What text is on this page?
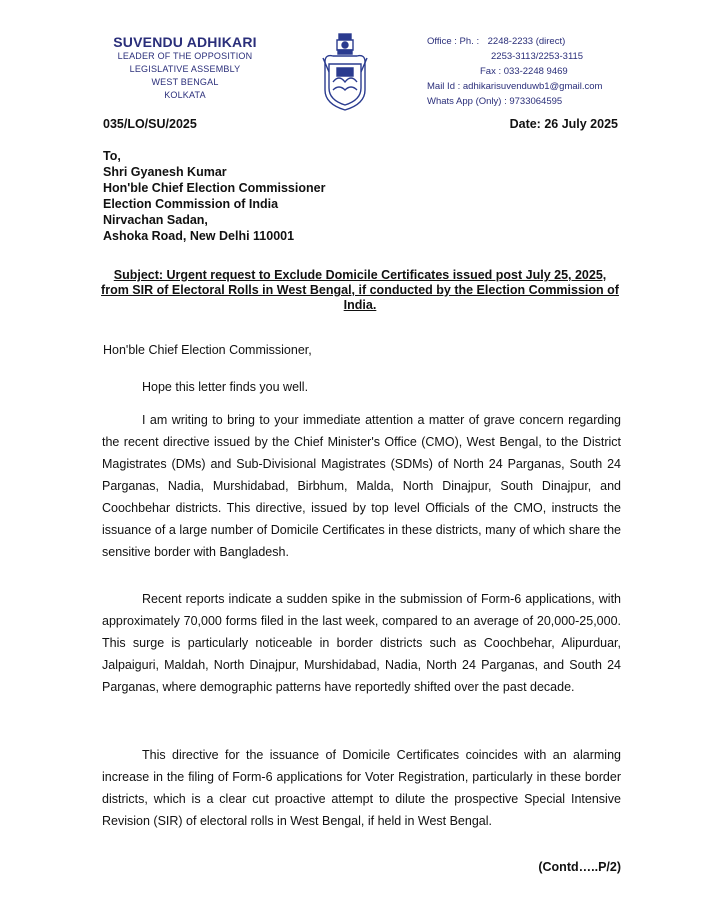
SUVENDU ADHIKARI
LEADER OF THE OPPOSITION
LEGISLATIVE ASSEMBLY
WEST BENGAL
KOLKATA
Office : Ph. : 2248-2233 (direct)
2253-3113/2253-3115
Fax : 033-2248 9469
Mail Id : adhikarisuvenduwb1@gmail.com
Whats App (Only) : 9733064595
035/LO/SU/2025	Date: 26 July 2025
To,
Shri Gyanesh Kumar
Hon'ble Chief Election Commissioner
Election Commission of India
Nirvachan Sadan,
Ashoka Road, New Delhi 110001
Subject: Urgent request to Exclude Domicile Certificates issued post July 25, 2025, from SIR of Electoral Rolls in West Bengal, if conducted by the Election Commission of India.
Hon'ble Chief Election Commissioner,
Hope this letter finds you well.
I am writing to bring to your immediate attention a matter of grave concern regarding the recent directive issued by the Chief Minister's Office (CMO), West Bengal, to the District Magistrates (DMs) and Sub-Divisional Magistrates (SDMs) of North 24 Parganas, South 24 Parganas, Nadia, Murshidabad, Birbhum, Malda, North Dinajpur, South Dinajpur, and Coochbehar districts. This directive, issued by top level Officials of the CMO, instructs the issuance of a large number of Domicile Certificates in these districts, many of which share the sensitive border with Bangladesh.
Recent reports indicate a sudden spike in the submission of Form-6 applications, with approximately 70,000 forms filed in the last week, compared to an average of 20,000-25,000. This surge is particularly noticeable in border districts such as Coochbehar, Alipurduar, Jalpaiguri, Maldah, North Dinajpur, Murshidabad, Nadia, North 24 Parganas, and South 24 Parganas, where demographic patterns have reportedly shifted over the past decade.
This directive for the issuance of Domicile Certificates coincides with an alarming increase in the filing of Form-6 applications for Voter Registration, particularly in these border districts, which is a clear cut proactive attempt to dilute the prospective Special Intensive Revision (SIR) of electoral rolls in West Bengal, if held in West Bengal.
(Contd…..P/2)
